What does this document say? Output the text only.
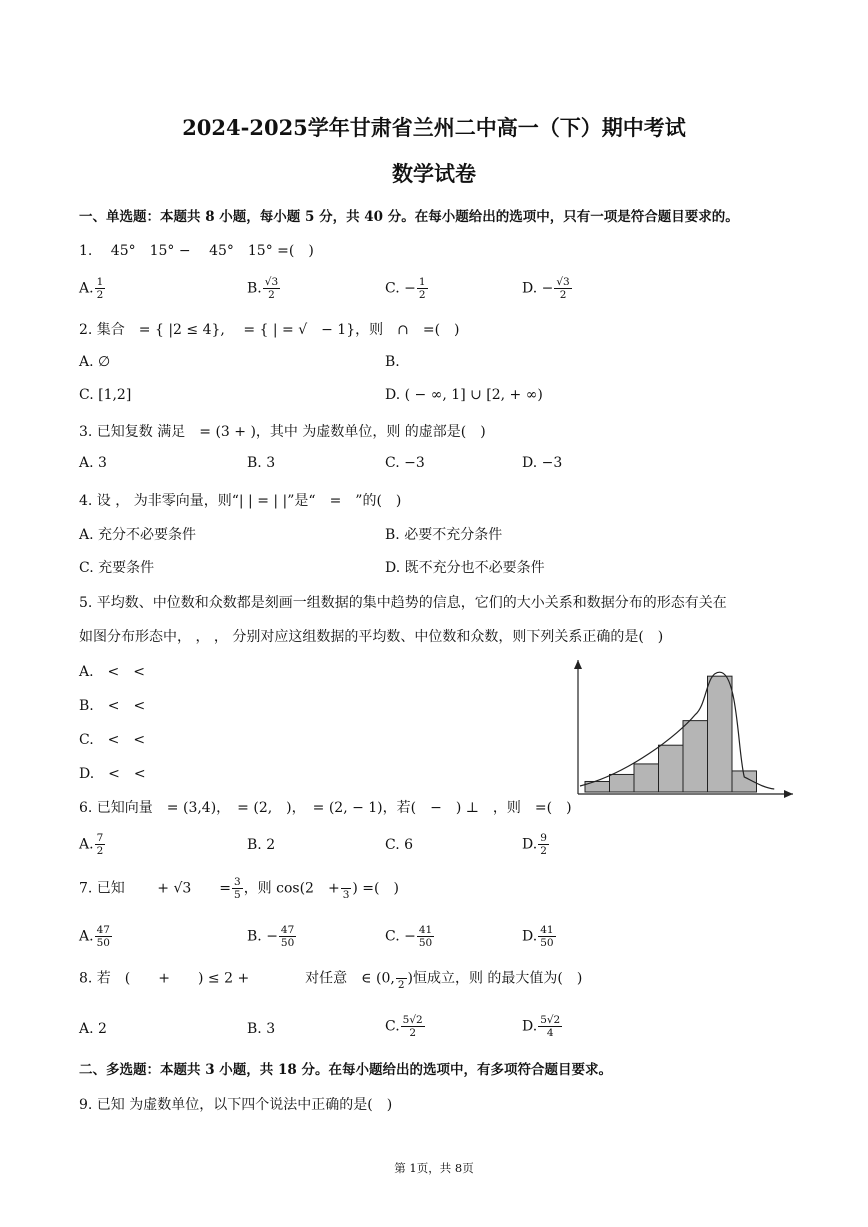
2024-2025学年甘肃省兰州二中高一（下）期中考试
数学试卷
一、单选题：本题共 8 小题，每小题 5 分，共 40 分。在每小题给出的选项中，只有一项是符合题目要求的。
1.　 45°　15° −　 45°　15° =(　)
A. $\frac{1}{2}$	B. $\frac{√3}{2}$	C. − $\frac{1}{2}$	D. − $\frac{√3}{2}$
2. 集合　= { |2 ≤ 4},　 = { | = √　− 1}，则　∩　=(　)
A. ∅	B.
C. [1,2]	D. ( − ∞, 1] ∪ [2, + ∞)
3. 已知复数 满足　= (3 + )，其中 为虚数单位，则 的虚部是(　)
A. 3	B. 3	C. −3	D. −3
4. 设 ， 为非零向量，则“| | = | |”是“　=　”的(　)
A. 充分不必要条件	B. 必要不充分条件
C. 充要条件	D. 既不充分也不必要条件
5. 平均数、中位数和众数都是刻画一组数据的集中趋势的信息，它们的大小关系和数据分布的形态有关在
如图分布形态中， ， ， 分别对应这组数据的平均数、中位数和众数，则下列关系正确的是(　)
A.　<　<
B.　<　<
C.　<　<
D.　<　<
6. 已知向量　= (3,4)，　= (2,　)，　= (2, − 1)，若(　−　) ⊥　，则　=(　)
A. $\frac{7}{2}$	B. 2	C. 6	D. $\frac{9}{2}$
7. 已知　　 + √3　　= $\frac{3}{5}$ ，则 cos(2　+
3 ) =(　)
A. $\frac{47}{50}$	B. − $\frac{47}{50}$	C. − $\frac{41}{50}$	D. $\frac{41}{50}$
8. 若　(　　+　　) ≤ 2 +　　　　对任意　∈ (0,
2 )恒成立，则 的最大值为(　)
A. 2	B. 3	C. $\frac{5√2}{2}$	D. $\frac{5√2}{4}$
二、多选题：本题共 3 小题，共 18 分。在每小题给出的选项中，有多项符合题目要求。
9. 已知 为虚数单位，以下四个说法中正确的是(　)
第 1页，共 8页
